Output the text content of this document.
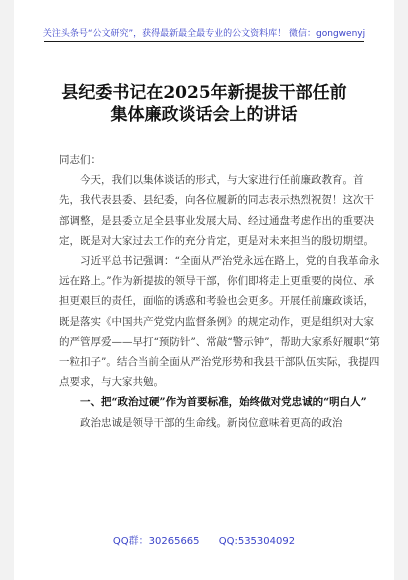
关注头条号“公文研究”，获得最新最全最专业的公文资料库！ 微信：gongwenyj
县纪委书记在2025年新提拔干部任前
集体廉政谈话会上的讲话

同志们：

今天，我们以集体谈话的形式，与大家进行任前廉政教育。首先，我代表县委、县纪委，向各位履新的同志表示热烈祝贺！这次干部调整，是县委立足全县事业发展大局、经过通盘考虑作出的重要决定，既是对大家过去工作的充分肯定，更是对未来担当的殷切期望。

习近平总书记强调：“全面从严治党永远在路上，党的自我革命永远在路上。”作为新提拔的领导干部，你们即将走上更重要的岗位、承担更艰巨的责任，面临的诱惑和考验也会更多。开展任前廉政谈话，既是落实《中国共产党党内监督条例》的规定动作，更是组织对大家的严管厚爱——早打“预防针”、常敲“警示钟”，帮助大家系好履职“第一粒扣子”。结合当前全面从严治党形势和我县干部队伍实际，我提四点要求，与大家共勉。

一、把“政治过硬”作为首要标准，始终做对党忠诚的“明白人”

政治忠诚是领导干部的生命线。新岗位意味着更高的政治

QQ群：30265665 QQ:535304092
